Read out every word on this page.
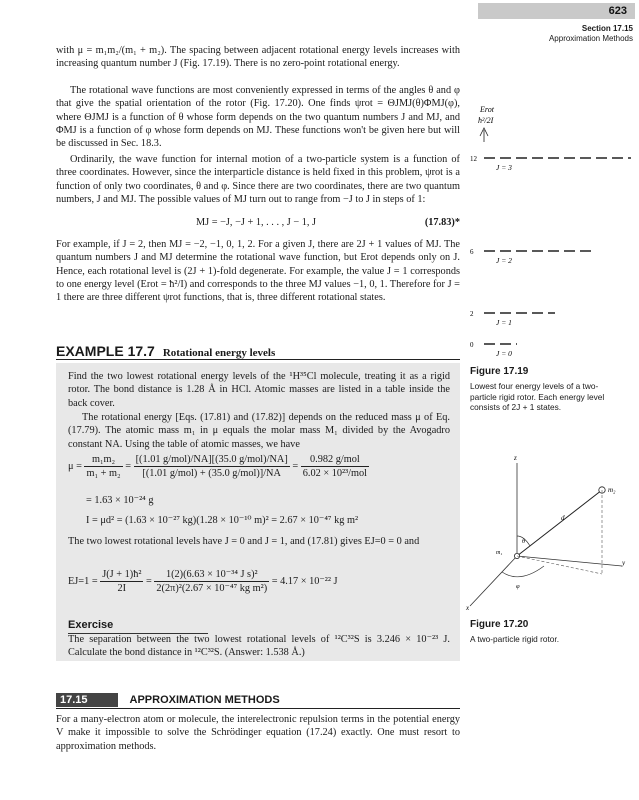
623
Section 17.15
Approximation Methods
with μ = m₁m₂/(m₁ + m₂). The spacing between adjacent rotational energy levels increases with increasing quantum number J (Fig. 17.19). There is no zero-point rotational energy.
The rotational wave functions are most conveniently expressed in terms of the angles θ and φ that give the spatial orientation of the rotor (Fig. 17.20). One finds ψrot = ΘJMJ(θ)ΦMJ(φ), where ΘJMJ is a function of θ whose form depends on the two quantum numbers J and MJ, and ΦMJ is a function of φ whose form depends on MJ. These functions won't be given here but will be discussed in Sec. 18.3.
Ordinarily, the wave function for internal motion of a two-particle system is a function of three coordinates. However, since the interparticle distance is held fixed in this problem, ψrot is a function of only two coordinates, θ and φ. Since there are two coordinates, there are two quantum numbers, J and MJ. The possible values of MJ turn out to range from −J to J in steps of 1:
MJ = −J, −J + 1, . . . , J − 1, J	(17.83)*
For example, if J = 2, then MJ = −2, −1, 0, 1, 2. For a given J, there are 2J + 1 values of MJ. The quantum numbers J and MJ determine the rotational wave function, but Erot depends only on J. Hence, each rotational level is (2J + 1)-fold degenerate. For example, the value J = 1 corresponds to one energy level (Erot = ħ²/I) and corresponds to the three MJ values −1, 0, 1. Therefore for J = 1 there are three different ψrot functions, that is, three different rotational states.
EXAMPLE 17.7 Rotational energy levels
Find the two lowest rotational energy levels of the ¹H³⁵Cl molecule, treating it as a rigid rotor. The bond distance is 1.28 Å in HCl. Atomic masses are listed in a table inside the back cover.
The rotational energy [Eqs. (17.81) and (17.82)] depends on the reduced mass μ of Eq. (17.79). The atomic mass m₁ in μ equals the molar mass M₁ divided by the Avogadro constant NA. Using the table of atomic masses, we have
$\mu = \frac{\text{m₁m₂}}{\text{m₁ + m₂}} = \frac{\text{[(1.01 g/mol)/NA][(35.0 g/mol)/NA]}}{\text{[(1.01 g/mol) + (35.0 g/mol)]/NA}} = \frac{\text{0.982 g/mol}}{\text{6.02 × 10²³/mol}}$
= 1.63 × 10⁻²⁴ g
I = μd² = (1.63 × 10⁻²⁷ kg)(1.28 × 10⁻¹⁰ m)² = 2.67 × 10⁻⁴⁷ kg m²
The two lowest rotational levels have J = 0 and J = 1, and (17.81) gives EJ=0 = 0 and
$EJ=1 = \frac{\text{J(J + 1)ħ²}}{2I} = \frac{\text{1(2)(6.63 × 10⁻³⁴ J s)²}}{\text{2(2π)²(2.67 × 10⁻⁴⁷ kg m²)}} = 4.17 \times 10^{-22}$ J
Exercise
The separation between the two lowest rotational levels of ¹²C³²S is 3.246 × 10⁻²³ J. Calculate the bond distance in ¹²C³²S. (Answer: 1.538 Å.)
17.15	APPROXIMATION METHODS
For a many-electron atom or molecule, the interelectronic repulsion terms in the potential energy V make it impossible to solve the Schrödinger equation (17.24) exactly. One must resort to approximation methods.
Erot
ħ²/2I
12
J = 3
6
J = 2
2
J = 1
0
J = 0
Figure 17.19
Lowest four energy levels of a two-particle rigid rotor. Each energy level consists of 2J + 1 states.
z
y
x
m₂
m₁
d
θ
φ
Figure 17.20
A two-particle rigid rotor.
